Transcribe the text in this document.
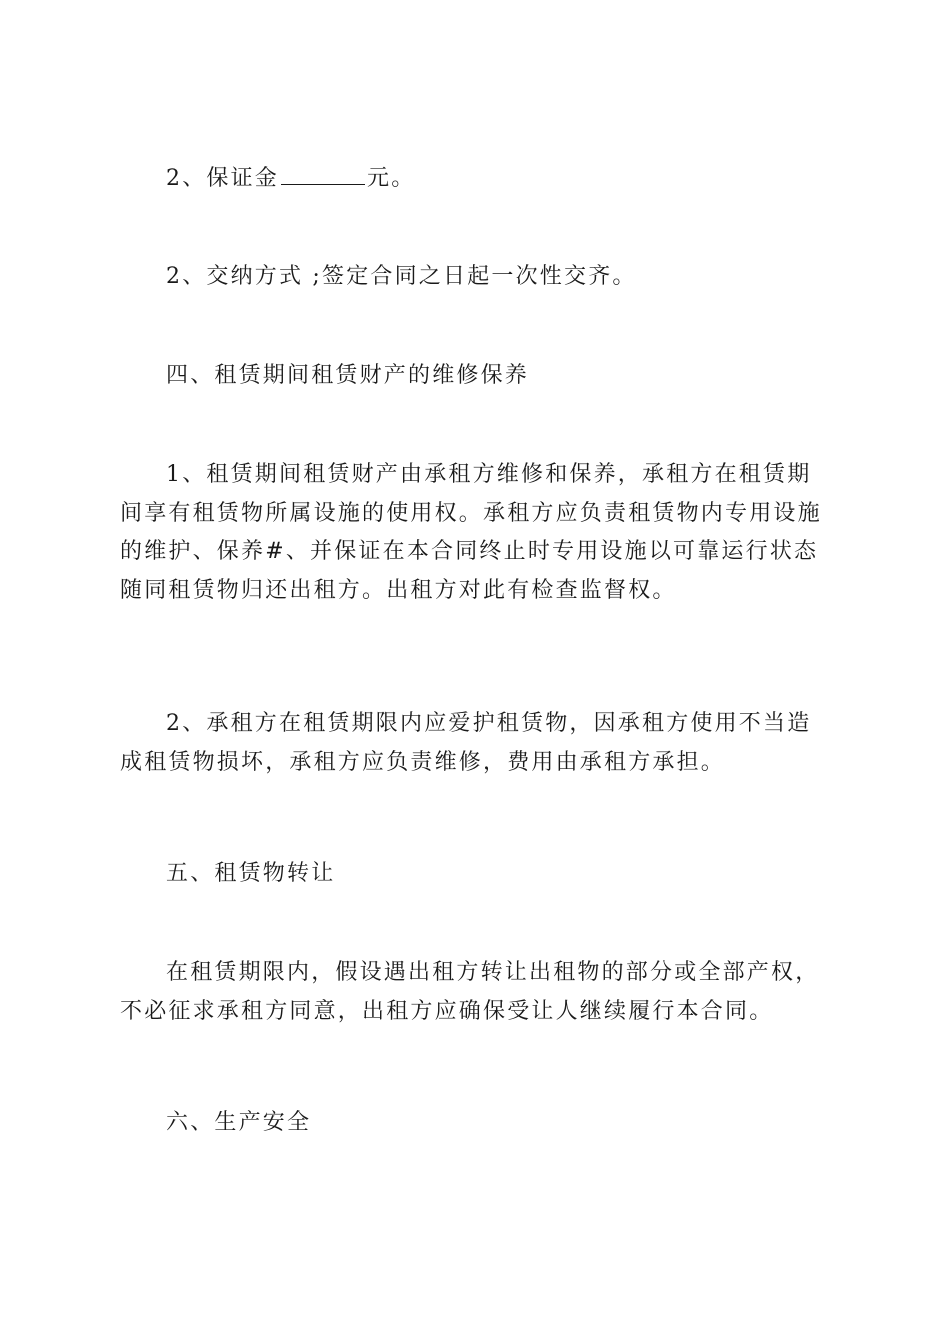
2、保证金	元。

2、交纳方式 ;签定合同之日起一次性交齐。

四、租赁期间租赁财产的维修保养

1、租赁期间租赁财产由承租方维修和保养，承租方在租赁期间享有租赁物所属设施的使用权。承租方应负责租赁物内专用设施的维护、保养#、并保证在本合同终止时专用设施以可靠运行状态随同租赁物归还出租方。出租方对此有检查监督权。

2、承租方在租赁期限内应爱护租赁物，因承租方使用不当造成租赁物损坏，承租方应负责维修，费用由承租方承担。

五、租赁物转让

在租赁期限内，假设遇出租方转让出租物的部分或全部产权，不必征求承租方同意，出租方应确保受让人继续履行本合同。

六、生产安全
